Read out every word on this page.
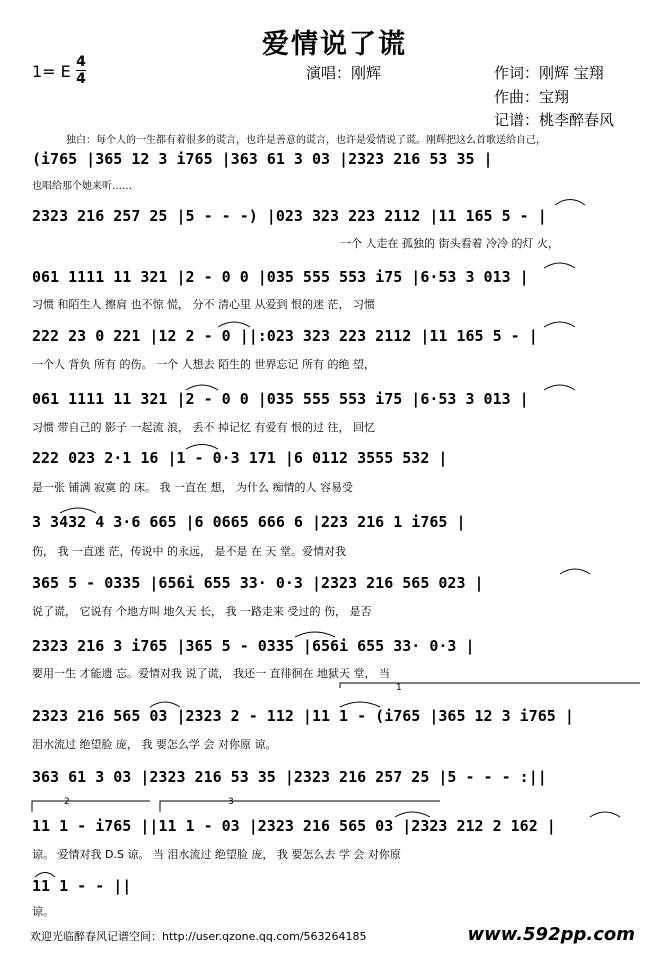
爱情说了谎
1= E 4
4	演唱：刚辉	作词：刚辉 宝翔
作曲：宝翔
记谱：桃李醉春风
独白：每个人的一生都有着很多的谎言，也许是善意的谎言，也许是爱情说了谎。刚辉把这么首歌送给自己，
也唱给那个她来听……
(i765 |365 12 3 i765 |363 61 3 03 |2323 216 53 35 |
2323 216 257 25 |5 - - -) |023 323 223 2112 |11 165 5 - |
一个 人走在 孤独的 街头看着 冷冷 的灯 火，
061 1111 11 321 |2 - 0 0 |035 555 553 i75 |6·53 3 013 |
习惯 和陌生人 擦肩 也不惊 慌， 分不 清心里 从爱到 恨的迷 茫， 习惯
222 23 0 221 |12 2 - 0 ||:023 323 223 2112 |11 165 5 - |
一个人 背负 所有 的伤。 一个 人想去 陌生的 世界忘记 所有 的绝 望，
061 1111 11 321 |2 - 0 0 |035 555 553 i75 |6·53 3 013 |
习惯 带自己的 影子 一起流 浪， 丢不 掉记忆 有爱有 恨的过 往， 回忆
222 023 2·1 16 |1 - 0·3 171 |6 0112 3555 532 |
是一张 铺满 寂寞 的 床。 我 一直在 想， 为什么 痴情的人 容易受
3 3432 4 3·6 665 |6 0665 666 6 |223 216 1 i765 |
伤， 我 一直迷 茫，传说中 的永远， 是不是 在 天 堂。爱情对我
365 5 - 0335 |656i 655 33· 0·3 |2323 216 565 023 |
说了谎， 它说有 个地方叫 地久天 长， 我 一路走来 受过的 伤， 是否
2323 216 3 i765 |365 5 - 0335 |656i 655 33· 0·3 |
要用一生 才能遗 忘。爱情对我 说了谎， 我还一 直徘徊在 地狱天 堂， 当
1
2323 216 565 03 |2323 2 - 112 |11 1 - (i765 |365 12 3 i765 |
泪水流过 绝望脸 庞， 我 要怎么学 会 对你原 谅。
363 61 3 03 |2323 216 53 35 |2323 216 257 25 |5 - - - :||
2	3
11 1 - i765 ||11 1 - 03 |2323 216 565 03 |2323 212 2 162 |
谅。 爱情对我 D.S 谅。 当 泪水流过 绝望脸 庞， 我 要怎么去 学 会 对你原
11 1 - - ||
谅。
欢迎光临醉春风记谱空间：http://user.qzone.qq.com/563264185	www.592pp.com
